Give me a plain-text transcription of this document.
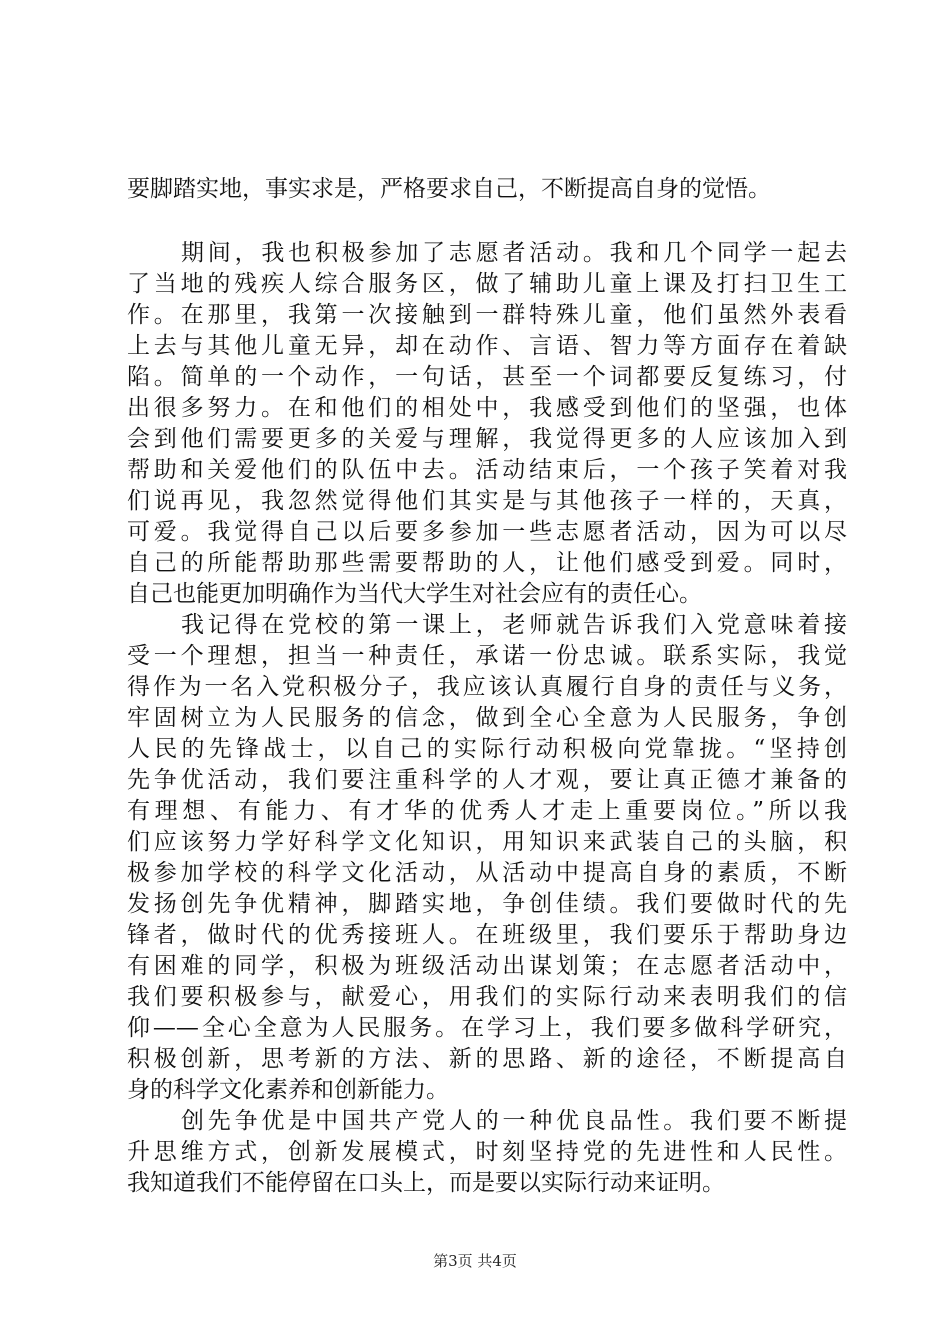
要脚踏实地，事实求是，严格要求自己，不断提高自身的觉悟。
期间，我也积极参加了志愿者活动。我和几个同学一起去
了当地的残疾人综合服务区，做了辅助儿童上课及打扫卫生工
作。在那里，我第一次接触到一群特殊儿童，他们虽然外表看
上去与其他儿童无异，却在动作、言语、智力等方面存在着缺
陷。简单的一个动作，一句话，甚至一个词都要反复练习，付
出很多努力。在和他们的相处中，我感受到他们的坚强，也体
会到他们需要更多的关爱与理解，我觉得更多的人应该加入到
帮助和关爱他们的队伍中去。活动结束后，一个孩子笑着对我
们说再见，我忽然觉得他们其实是与其他孩子一样的，天真，
可爱。我觉得自己以后要多参加一些志愿者活动，因为可以尽
自己的所能帮助那些需要帮助的人，让他们感受到爱。同时，
自己也能更加明确作为当代大学生对社会应有的责任心。
我记得在党校的第一课上，老师就告诉我们入党意味着接
受一个理想，担当一种责任，承诺一份忠诚。联系实际，我觉
得作为一名入党积极分子，我应该认真履行自身的责任与义务，
牢固树立为人民服务的信念，做到全心全意为人民服务，争创
人民的先锋战士，以自己的实际行动积极向党靠拢。“坚持创
先争优活动，我们要注重科学的人才观，要让真正德才兼备的
有理想、有能力、有才华的优秀人才走上重要岗位。”所以我
们应该努力学好科学文化知识，用知识来武装自己的头脑，积
极参加学校的科学文化活动，从活动中提高自身的素质，不断
发扬创先争优精神，脚踏实地，争创佳绩。我们要做时代的先
锋者，做时代的优秀接班人。在班级里，我们要乐于帮助身边
有困难的同学，积极为班级活动出谋划策；在志愿者活动中，
我们要积极参与，献爱心，用我们的实际行动来表明我们的信
仰——全心全意为人民服务。在学习上，我们要多做科学研究，
积极创新，思考新的方法、新的思路、新的途径，不断提高自
身的科学文化素养和创新能力。
创先争优是中国共产党人的一种优良品性。我们要不断提
升思维方式，创新发展模式，时刻坚持党的先进性和人民性。
我知道我们不能停留在口头上，而是要以实际行动来证明。
第3页 共4页
